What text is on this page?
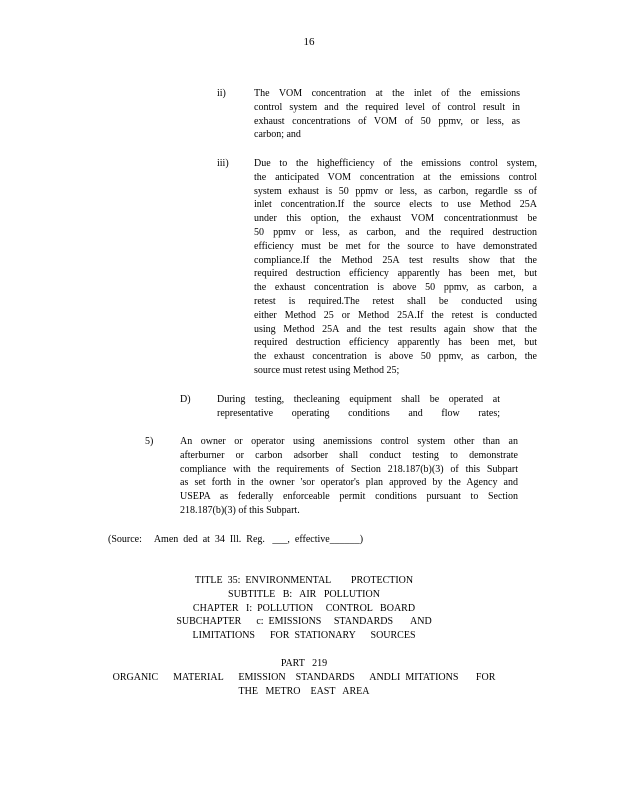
16
ii)	The VOM concentration at the inlet of the emissions
control system and the required level of control result in
exhaust concentrations of VOM of 50 ppmv, or less, as
carbon; and
iii)	Due to the highefficiency of the emissions control system,
the anticipated VOM concentration at the emissions control
system exhaust is 50 ppmv or less, as carbon, regardle ss of
inlet concentration.If the source elects to use Method 25A
under this option, the exhaust VOM concentrationmust be
50 ppmv or less, as carbon, and the required destruction
efficiency must be met for the source to have demonstrated
compliance.If the Method 25A test results show that the
required destruction efficiency apparently has been met, but
the exhaust concentration is above 50 ppmv, as carbon, a
retest is required.The retest shall be conducted using
either Method 25 or Method 25A.If the retest is conducted
using Method 25A and the test results again show that the
required destruction efficiency apparently has been met, but
the exhaust concentration is above 50 ppmv, as carbon, the
source must retest using Method 25;
D)	During testing, thecleaning equipment shall be operated at
representative operating conditions and flow rates;
5)	An owner or operator using anemissions control system other than an
afterburner or carbon adsorber shall conduct testing to demonstrate
compliance with the requirements of Section 218.187(b)(3) of this Subpart
as set forth in the owner 'sor operator's plan approved by the Agency and
USEPA as federally enforceable permit conditions pursuant to Section
218.187(b)(3) of this Subpart.
(Source:     Amen  ded  at  34  Ill.  Reg.   ___,  effective______)
TITLE  35:  ENVIRONMENTAL        PROTECTION
SUBTITLE   B:   AIR   POLLUTION
CHAPTER   I:  POLLUTION     CONTROL   BOARD
SUBCHAPTER      c:  EMISSIONS     STANDARDS       AND
LIMITATIONS      FOR  STATIONARY      SOURCES
PART   219
ORGANIC      MATERIAL      EMISSION    STANDARDS      ANDLI  MITATIONS       FOR
THE   METRO    EAST   AREA
